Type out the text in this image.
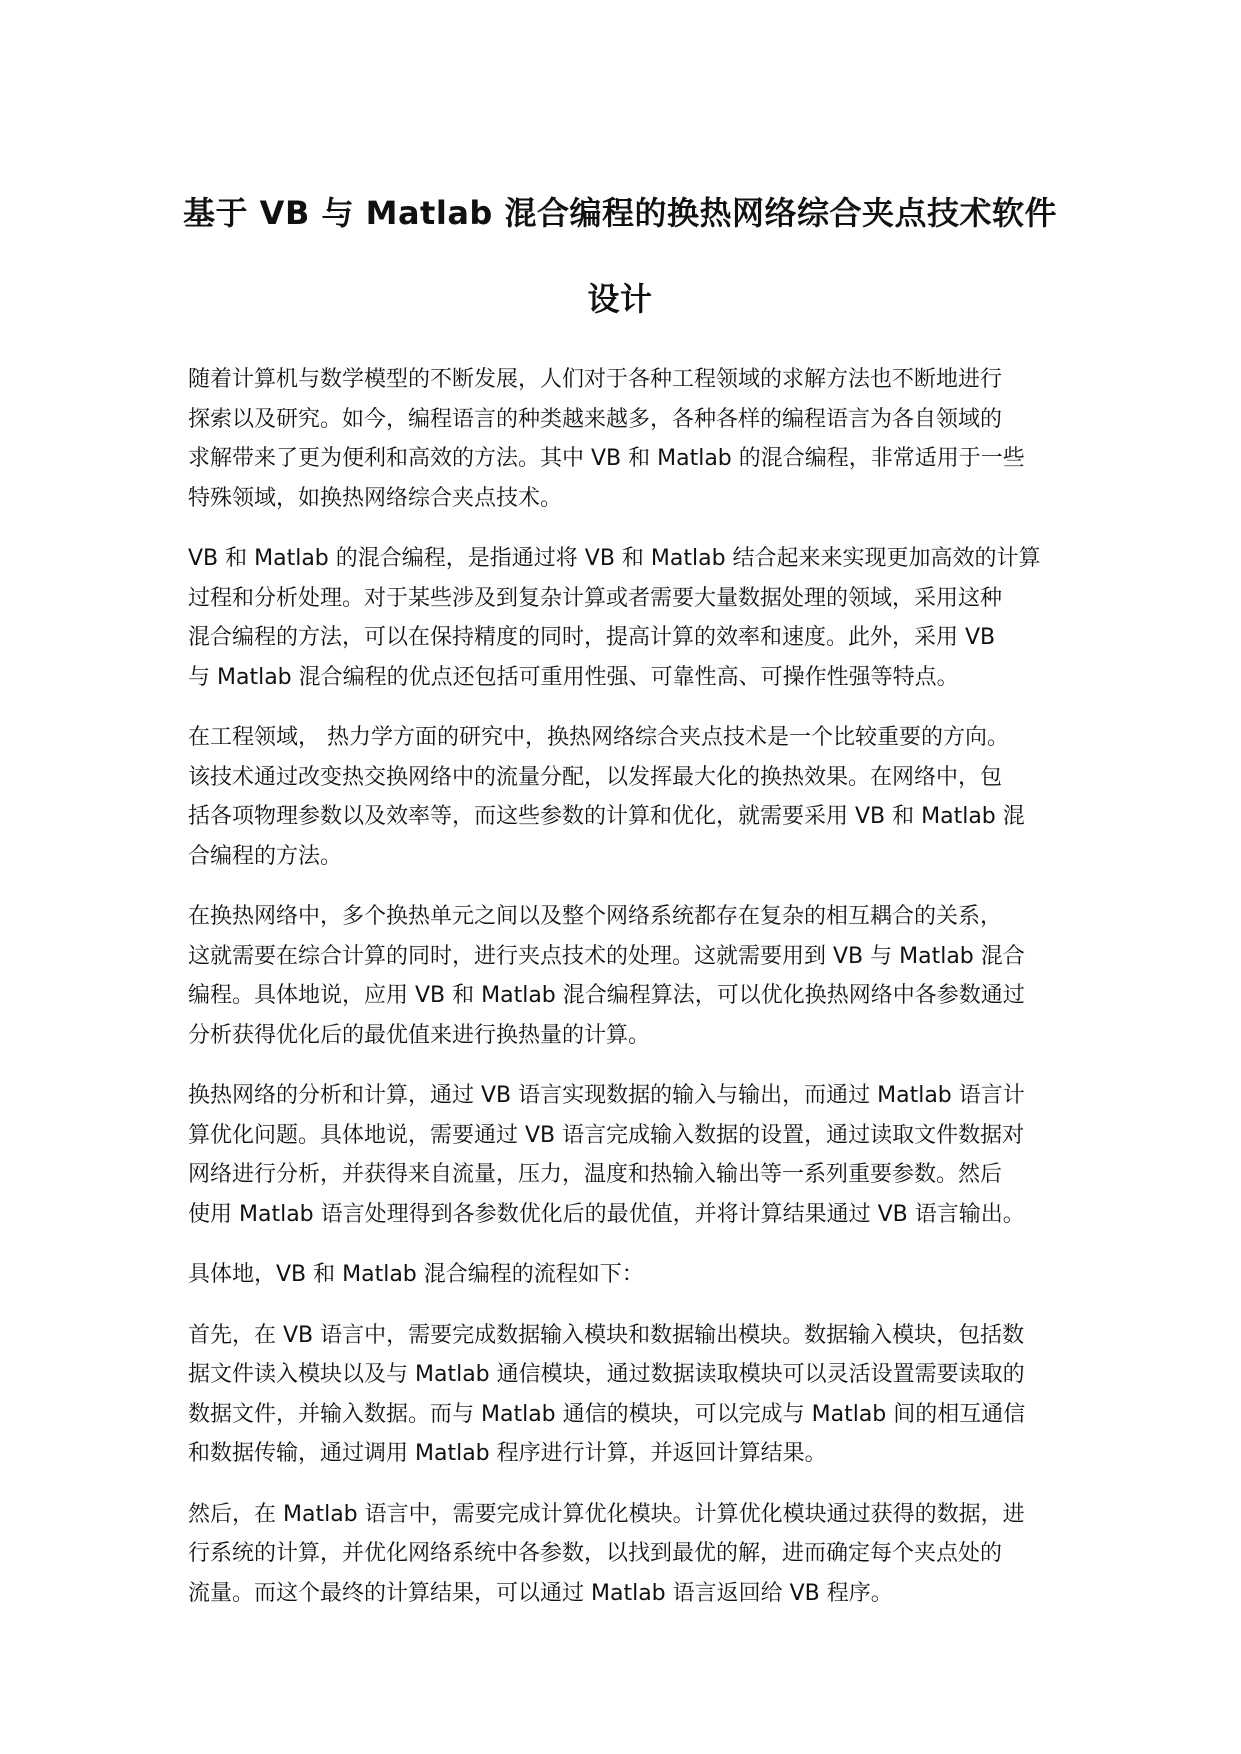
基于 VB 与 Matlab 混合编程的换热网络综合夹点技术软件
设计

随着计算机与数学模型的不断发展，人们对于各种工程领域的求解方法也不断地进行
探索以及研究。如今，编程语言的种类越来越多，各种各样的编程语言为各自领域的
求解带来了更为便利和高效的方法。其中 VB 和 Matlab 的混合编程，非常适用于一些
特殊领域，如换热网络综合夹点技术。

VB 和 Matlab 的混合编程，是指通过将 VB 和 Matlab 结合起来来实现更加高效的计算
过程和分析处理。对于某些涉及到复杂计算或者需要大量数据处理的领域，采用这种
混合编程的方法，可以在保持精度的同时，提高计算的效率和速度。此外，采用 VB
与 Matlab 混合编程的优点还包括可重用性强、可靠性高、可操作性强等特点。

在工程领域， 热力学方面的研究中，换热网络综合夹点技术是一个比较重要的方向。
该技术通过改变热交换网络中的流量分配，以发挥最大化的换热效果。在网络中，包
括各项物理参数以及效率等，而这些参数的计算和优化，就需要采用 VB 和 Matlab 混
合编程的方法。

在换热网络中，多个换热单元之间以及整个网络系统都存在复杂的相互耦合的关系，
这就需要在综合计算的同时，进行夹点技术的处理。这就需要用到 VB 与 Matlab 混合
编程。具体地说，应用 VB 和 Matlab 混合编程算法，可以优化换热网络中各参数通过
分析获得优化后的最优值来进行换热量的计算。

换热网络的分析和计算，通过 VB 语言实现数据的输入与输出，而通过 Matlab 语言计
算优化问题。具体地说，需要通过 VB 语言完成输入数据的设置，通过读取文件数据对
网络进行分析，并获得来自流量，压力，温度和热输入输出等一系列重要参数。然后
使用 Matlab 语言处理得到各参数优化后的最优值，并将计算结果通过 VB 语言输出。

具体地，VB 和 Matlab 混合编程的流程如下：

首先，在 VB 语言中，需要完成数据输入模块和数据输出模块。数据输入模块，包括数
据文件读入模块以及与 Matlab 通信模块，通过数据读取模块可以灵活设置需要读取的
数据文件，并输入数据。而与 Matlab 通信的模块，可以完成与 Matlab 间的相互通信
和数据传输，通过调用 Matlab 程序进行计算，并返回计算结果。

然后，在 Matlab 语言中，需要完成计算优化模块。计算优化模块通过获得的数据，进
行系统的计算，并优化网络系统中各参数，以找到最优的解，进而确定每个夹点处的
流量。而这个最终的计算结果，可以通过 Matlab 语言返回给 VB 程序。
